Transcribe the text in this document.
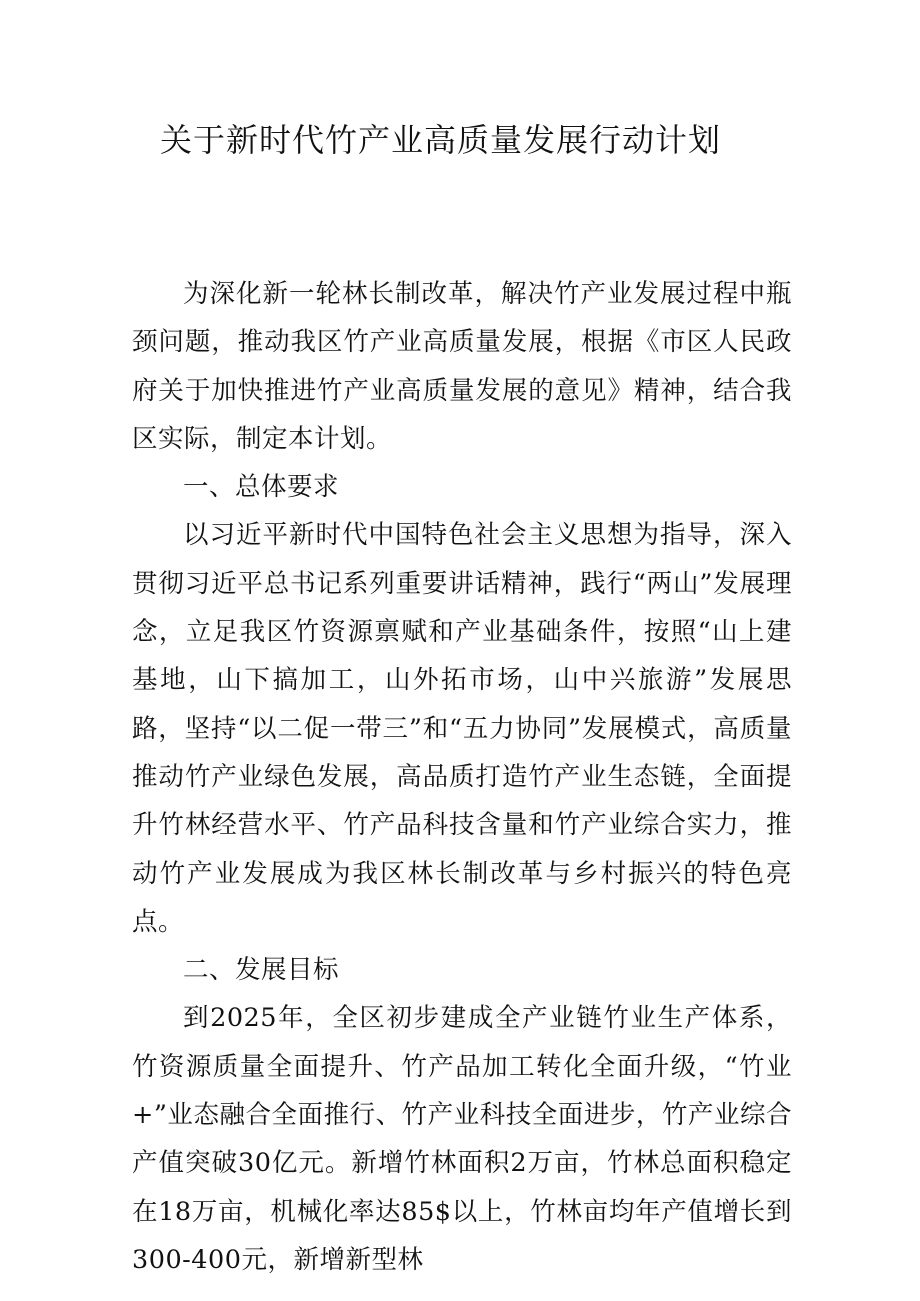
关于新时代竹产业高质量发展行动计划

为深化新一轮林长制改革，解决竹产业发展过程中瓶颈问题，推动我区竹产业高质量发展，根据《市区人民政府关于加快推进竹产业高质量发展的意见》精神，结合我区实际，制定本计划。

一、总体要求

以习近平新时代中国特色社会主义思想为指导，深入贯彻习近平总书记系列重要讲话精神，践行“两山”发展理念，立足我区竹资源禀赋和产业基础条件，按照“山上建基地，山下搞加工，山外拓市场，山中兴旅游”发展思路，坚持“以二促一带三”和“五力协同”发展模式，高质量推动竹产业绿色发展，高品质打造竹产业生态链，全面提升竹林经营水平、竹产品科技含量和竹产业综合实力，推动竹产业发展成为我区林长制改革与乡村振兴的特色亮点。

二、发展目标

到2025年，全区初步建成全产业链竹业生产体系，竹资源质量全面提升、竹产品加工转化全面升级，“竹业+”业态融合全面推行、竹产业科技全面进步，竹产业综合产值突破30亿元。新增竹林面积2万亩，竹林总面积稳定在18万亩，机械化率达85$以上，竹林亩均年产值增长到300-400元，新增新型林
